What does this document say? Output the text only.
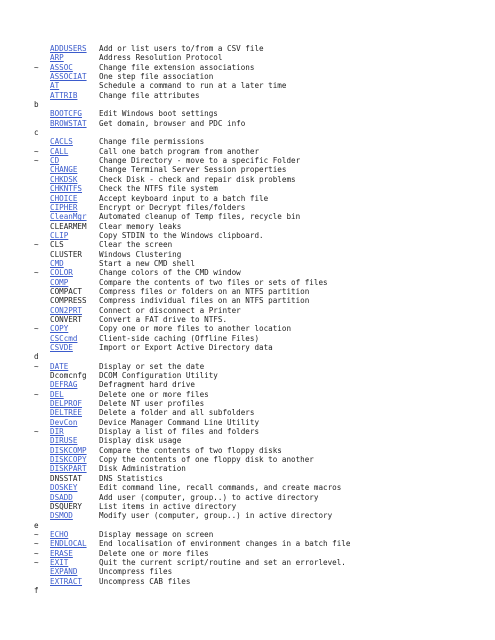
ADDUSERS	Add or list users to/from a CSV file
ARP	Address Resolution Protocol
~	ASSOC	Change file extension associations
ASSOCIAT	One step file association
AT	Schedule a command to run at a later time
ATTRIB	Change file attributes
b
BOOTCFG	Edit Windows boot settings
BROWSTAT	Get domain, browser and PDC info
c
CACLS	Change file permissions
~	CALL	Call one batch program from another
~	CD	Change Directory - move to a specific Folder
CHANGE	Change Terminal Server Session properties
CHKDSK	Check Disk - check and repair disk problems
CHKNTFS	Check the NTFS file system
CHOICE	Accept keyboard input to a batch file
CIPHER	Encrypt or Decrypt files/folders
CleanMgr	Automated cleanup of Temp files, recycle bin
CLEARMEM	Clear memory leaks
CLIP	Copy STDIN to the Windows clipboard.
~	CLS	Clear the screen
CLUSTER	Windows Clustering
CMD	Start a new CMD shell
~	COLOR	Change colors of the CMD window
COMP	Compare the contents of two files or sets of files
COMPACT	Compress files or folders on an NTFS partition
COMPRESS	Compress individual files on an NTFS partition
CON2PRT	Connect or disconnect a Printer
CONVERT	Convert a FAT drive to NTFS.
~	COPY	Copy one or more files to another location
CSCcmd	Client-side caching (Offline Files)
CSVDE	Import or Export Active Directory data
d
~	DATE	Display or set the date
Dcomcnfg	DCOM Configuration Utility
DEFRAG	Defragment hard drive
~	DEL	Delete one or more files
DELPROF	Delete NT user profiles
DELTREE	Delete a folder and all subfolders
DevCon	Device Manager Command Line Utility
~	DIR	Display a list of files and folders
DIRUSE	Display disk usage
DISKCOMP	Compare the contents of two floppy disks
DISKCOPY	Copy the contents of one floppy disk to another
DISKPART	Disk Administration
DNSSTAT	DNS Statistics
DOSKEY	Edit command line, recall commands, and create macros
DSADD	Add user (computer, group..) to active directory
DSQUERY	List items in active directory
DSMOD	Modify user (computer, group..) in active directory
e
~	ECHO	Display message on screen
~	ENDLOCAL	End localisation of environment changes in a batch file
~	ERASE	Delete one or more files
~	EXIT	Quit the current script/routine and set an errorlevel.
EXPAND	Uncompress files
EXTRACT	Uncompress CAB files
f
